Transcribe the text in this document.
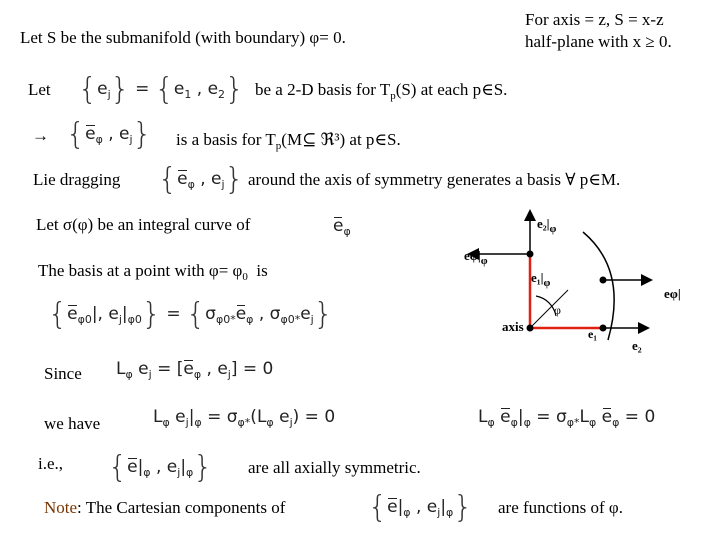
Let S be the submanifold (with boundary) φ= 0.
For axis = z, S = x-z
half-plane with x ≥ 0.
Let $\{e_j\} = \{e_1$ , $e_2$} be a 2-D basis for $T_p(S)$ at each p∈S.
→ {$e_\varphi$ , $e_j$} is a basis for $T_p(M⊆$ ℜ³) at p∈S.
Lie dragging {$e_\varphi$ , $e_j$} around the axis of symmetry generates a basis ∀ p∈M.
Let σ(φ) be an integral curve of	$e_\varphi$
The basis at a point with $\varphi= \varphi_0$ is
{$e_{\varphi 0}|$, $e_j|_{\varphi 0}\} = \{\sigma_{\varphi 0*}e_\varphi$ , $\sigma_{\varphi 0*}e_j$}
Since $L_\varphi$ $e_j = [e_\varphi$ , $e_j] = 0$
we have	$L_\varphi$ $e_j|_\varphi = \sigma_{\varphi*}(L_\varphi$ $e_j) = 0$	$L_\varphi$ $e_\varphi|_\varphi = \sigma_{\varphi*}L_\varphi$ $e_\varphi = 0$
i.e., {$e|_\varphi$ , $e_j|_\varphi$} are all axially symmetric.
Note: The Cartesian components of	{$e|_\varphi$ , $e_j|_\varphi$} are functions of φ.
$e_2|_\varphi$
$e\varphi|_\varphi$
$e_1|_\varphi$
φ
e₁
axis
e₂
eφ|
